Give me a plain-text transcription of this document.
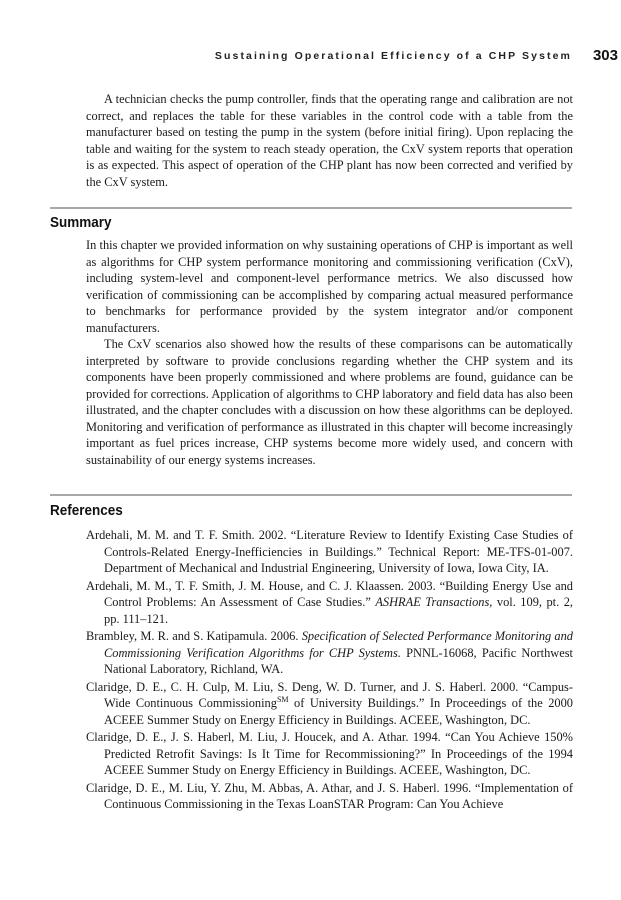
Sustaining Operational Efficiency of a CHP System	303

A technician checks the pump controller, finds that the operating range and calibration are not correct, and replaces the table for these variables in the control code with a table from the manufacturer based on testing the pump in the system (before initial firing). Upon replacing the table and waiting for the system to reach steady operation, the CxV system reports that operation is as expected. This aspect of operation of the CHP plant has now been corrected and verified by the CxV system.

Summary

In this chapter we provided information on why sustaining operations of CHP is important as well as algorithms for CHP system performance monitoring and commissioning verification (CxV), including system-level and component-level performance metrics. We also discussed how verification of commissioning can be accomplished by comparing actual measured performance to benchmarks for performance provided by the system integrator and/or component manufacturers.

The CxV scenarios also showed how the results of these comparisons can be automatically interpreted by software to provide conclusions regarding whether the CHP system and its components have been properly commissioned and where problems are found, guidance can be provided for corrections. Application of algorithms to CHP laboratory and field data has also been illustrated, and the chapter concludes with a discussion on how these algorithms can be deployed. Monitoring and verification of performance as illustrated in this chapter will become increasingly important as fuel prices increase, CHP systems become more widely used, and concern with sustainability of our energy systems increases.

References

Ardehali, M. M. and T. F. Smith. 2002. “Literature Review to Identify Existing Case Studies of Controls-Related Energy-Inefficiencies in Buildings.” Technical Report: ME-TFS-01-007. Department of Mechanical and Industrial Engineering, University of Iowa, Iowa City, IA.

Ardehali, M. M., T. F. Smith, J. M. House, and C. J. Klaassen. 2003. “Building Energy Use and Control Problems: An Assessment of Case Studies.” ASHRAE Transactions, vol. 109, pt. 2, pp. 111–121.

Brambley, M. R. and S. Katipamula. 2006. Specification of Selected Performance Monitoring and Commissioning Verification Algorithms for CHP Systems. PNNL-16068, Pacific Northwest National Laboratory, Richland, WA.

Claridge, D. E., C. H. Culp, M. Liu, S. Deng, W. D. Turner, and J. S. Haberl. 2000. “Campus-Wide Continuous Commissioning℠ of University Buildings.” In Proceedings of the 2000 ACEEE Summer Study on Energy Efficiency in Buildings. ACEEE, Washington, DC.

Claridge, D. E., J. S. Haberl, M. Liu, J. Houcek, and A. Athar. 1994. “Can You Achieve 150% Predicted Retrofit Savings: Is It Time for Recommissioning?” In Proceedings of the 1994 ACEEE Summer Study on Energy Efficiency in Buildings. ACEEE, Washington, DC.

Claridge, D. E., M. Liu, Y. Zhu, M. Abbas, A. Athar, and J. S. Haberl. 1996. “Implementation of Continuous Commissioning in the Texas LoanSTAR Program: Can You Achieve
